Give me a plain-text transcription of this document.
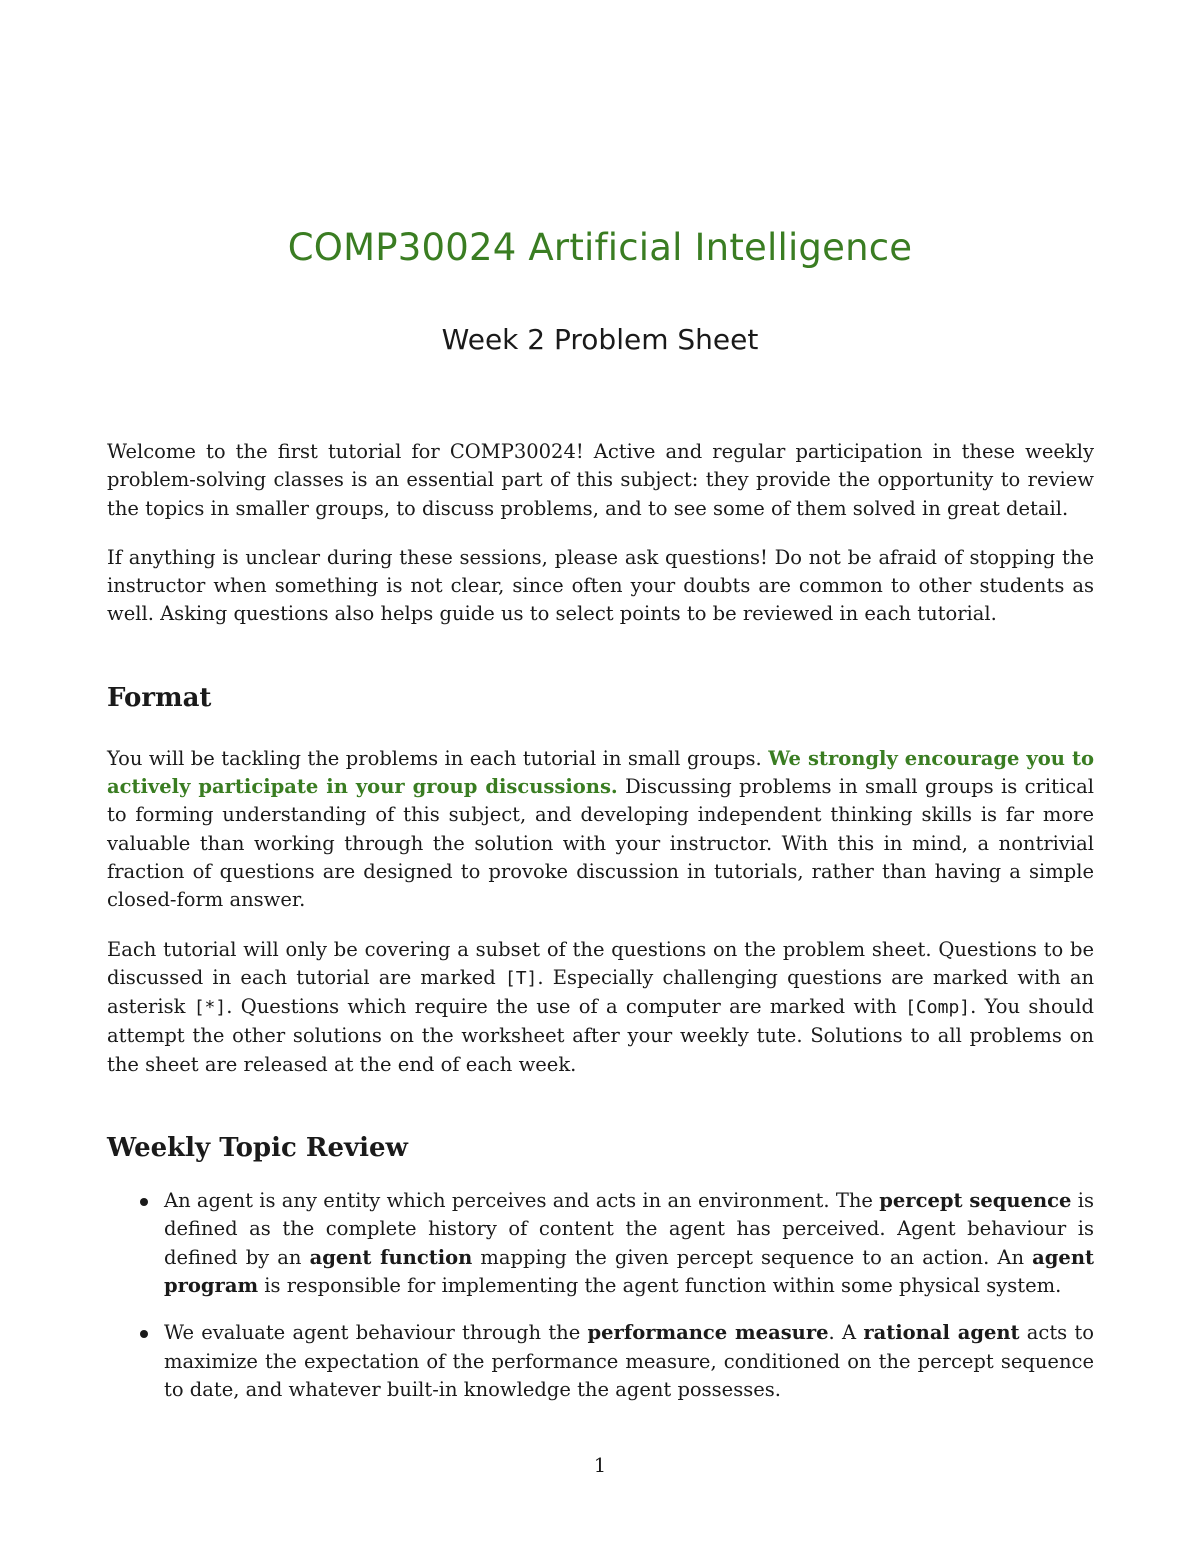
COMP30024 Artificial Intelligence
Week 2 Problem Sheet

Welcome to the first tutorial for COMP30024! Active and regular participation in these weekly problem-solving classes is an essential part of this subject: they provide the opportunity to review the topics in smaller groups, to discuss problems, and to see some of them solved in great detail.

If anything is unclear during these sessions, please ask questions! Do not be afraid of stopping the instructor when something is not clear, since often your doubts are common to other students as well. Asking questions also helps guide us to select points to be reviewed in each tutorial.

Format

You will be tackling the problems in each tutorial in small groups. We strongly encourage you to actively participate in your group discussions. Discussing problems in small groups is critical to forming understanding of this subject, and developing independent thinking skills is far more valuable than working through the solution with your instructor. With this in mind, a nontrivial fraction of questions are designed to provoke discussion in tutorials, rather than having a simple closed-form answer.

Each tutorial will only be covering a subset of the questions on the problem sheet. Questions to be discussed in each tutorial are marked [T]. Especially challenging questions are marked with an asterisk [*]. Questions which require the use of a computer are marked with [Comp]. You should attempt the other solutions on the worksheet after your weekly tute. Solutions to all problems on the sheet are released at the end of each week.

Weekly Topic Review
An agent is any entity which perceives and acts in an environment. The percept sequence is defined as the complete history of content the agent has perceived. Agent behaviour is defined by an agent function mapping the given percept sequence to an action. An agent program is responsible for implementing the agent function within some physical system.
We evaluate agent behaviour through the performance measure. A rational agent acts to maximize the expectation of the performance measure, conditioned on the percept sequence to date, and whatever built-in knowledge the agent possesses.
1
